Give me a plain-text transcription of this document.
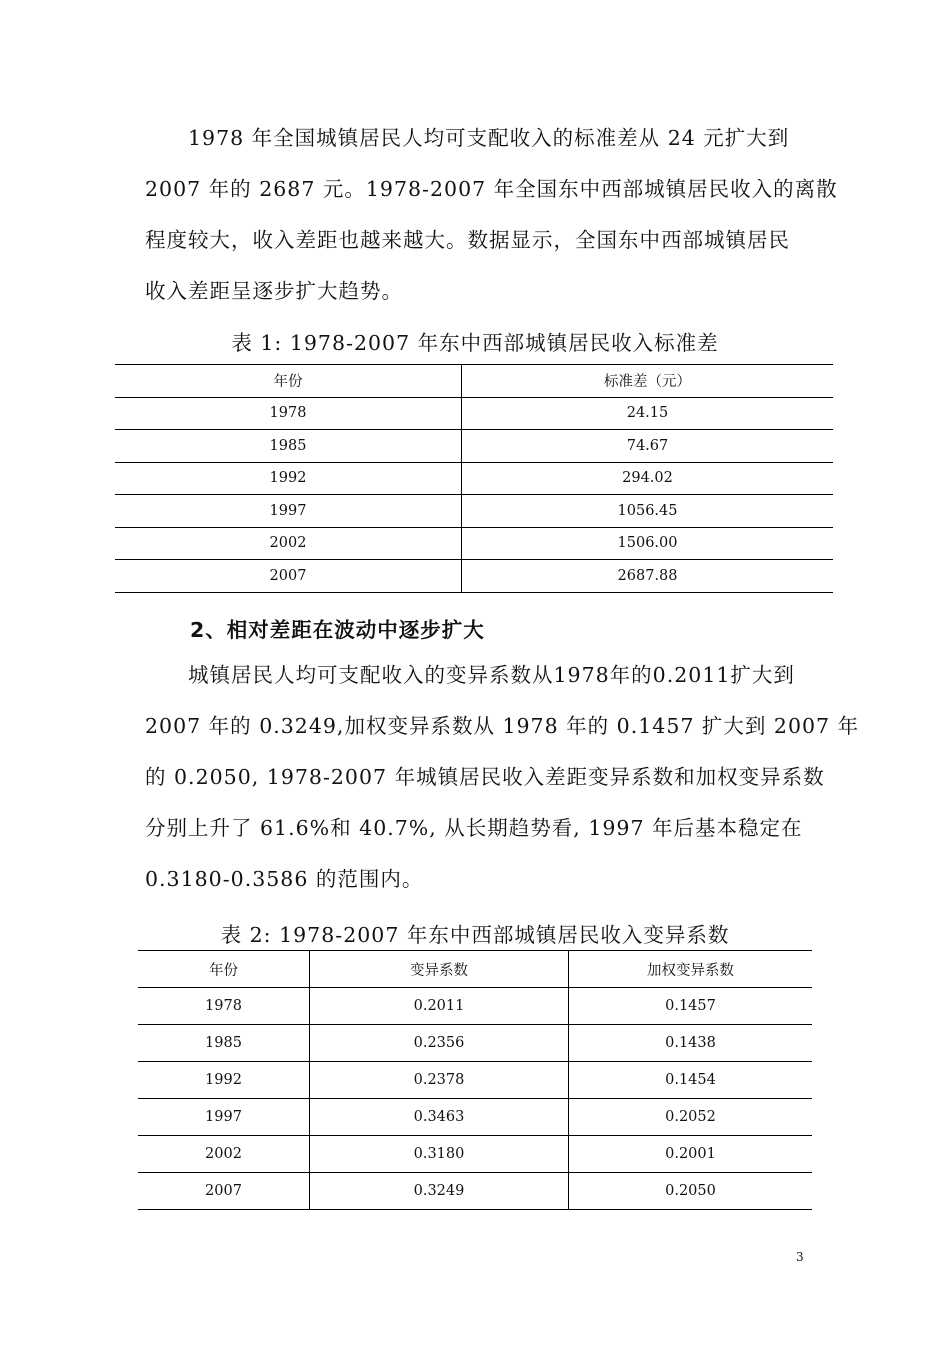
　　1978 年全国城镇居民人均可支配收入的标准差从 24 元扩大到
2007 年的 2687 元。1978-2007 年全国东中西部城镇居民收入的离散
程度较大，收入差距也越来越大。数据显示，全国东中西部城镇居民
收入差距呈逐步扩大趋势。

表 1: 1978-2007 年东中西部城镇居民收入标准差

年份	标准差（元）
1978	24.15
1985	74.67
1992	294.02
1997	1056.45
2002	1506.00
2007	2687.88

2、相对差距在波动中逐步扩大

　　城镇居民人均可支配收入的变异系数从1978年的0.2011扩大到
2007 年的 0.3249,加权变异系数从 1978 年的 0.1457 扩大到 2007 年
的 0.2050, 1978-2007 年城镇居民收入差距变异系数和加权变异系数
分别上升了 61.6%和 40.7%, 从长期趋势看, 1997 年后基本稳定在
0.3180-0.3586 的范围内。

表 2: 1978-2007 年东中西部城镇居民收入变异系数

年份	变异系数	加权变异系数
1978	0.2011	0.1457
1985	0.2356	0.1438
1992	0.2378	0.1454
1997	0.3463	0.2052
2002	0.3180	0.2001
2007	0.3249	0.2050
3
